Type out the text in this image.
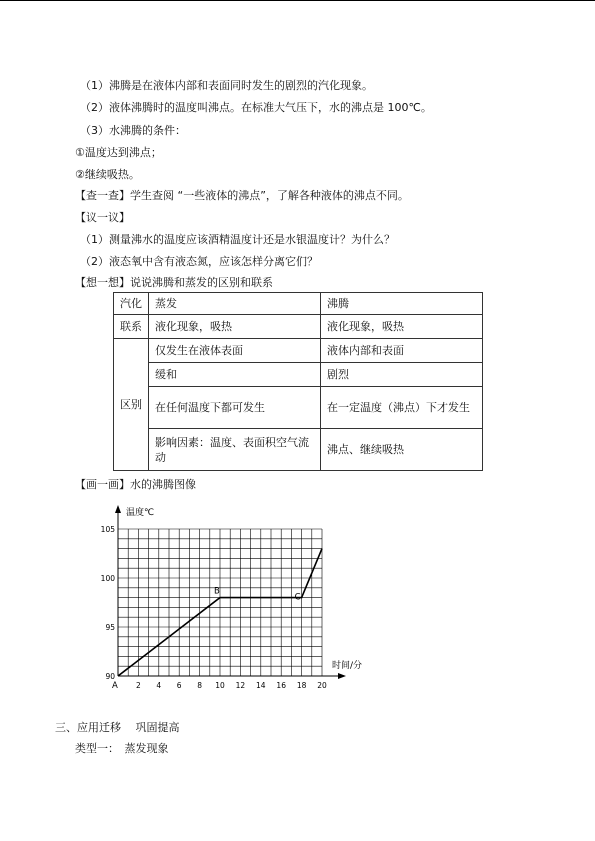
（1）沸腾是在液体内部和表面同时发生的剧烈的汽化现象。
（2）液体沸腾时的温度叫沸点。在标准大气压下，水的沸点是 100℃。
（3）水沸腾的条件：
①温度达到沸点；
②继续吸热。
【查一查】学生查阅 “一些液体的沸点”，了解各种液体的沸点不同。
【议一议】
（1）测量沸水的温度应该酒精温度计还是水银温度计？为什么？
（2）液态氧中含有液态氮，应该怎样分离它们？
【想一想】说说沸腾和蒸发的区别和联系
汽化	蒸发	沸腾
联系	液化现象，吸热	液化现象，吸热
区别	仅发生在液体表面	液体内部和表面
	缓和	剧烈
	在任何温度下都可发生	在一定温度（沸点）下才发生
	影响因素：温度、表面积空气流动	沸点、继续吸热
【画一画】水的沸腾图像
温度℃
时间/分
2 4 6 8 10 12 14 16 18 20
90
95
100
105
A
B
C
三、应用迁移　 巩固提高
类型一：　蒸发现象
